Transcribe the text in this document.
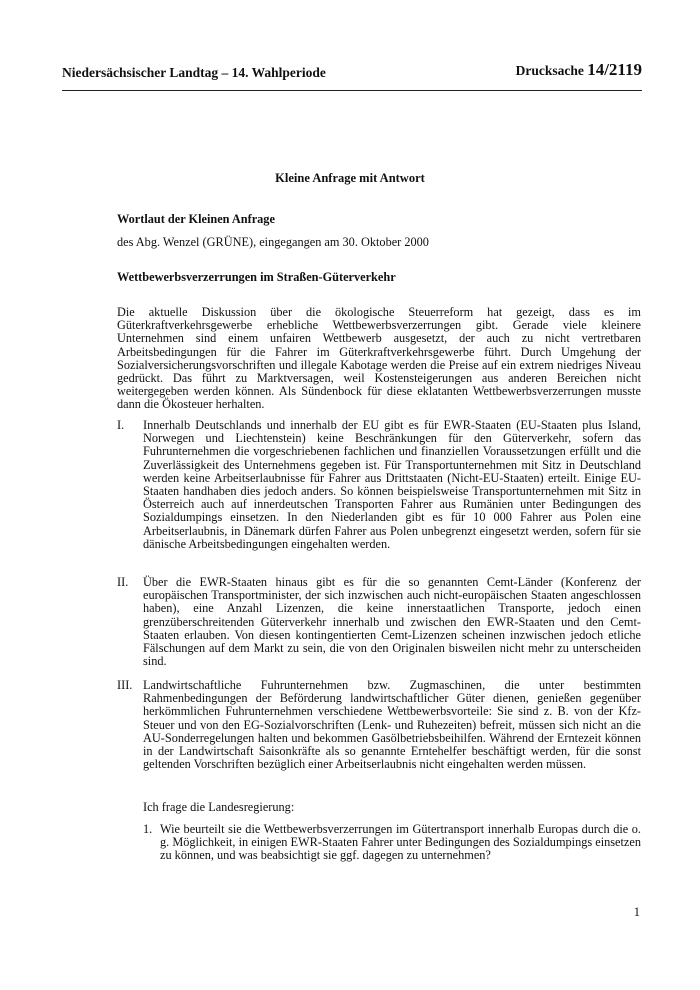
Niedersächsischer Landtag – 14. Wahlperiode	Drucksache 14/2119
Kleine Anfrage mit Antwort
Wortlaut der Kleinen Anfrage
des Abg. Wenzel (GRÜNE), eingegangen am 30. Oktober 2000
Wettbewerbsverzerrungen im Straßen-Güterverkehr
Die aktuelle Diskussion über die ökologische Steuerreform hat gezeigt, dass es im Güterkraftverkehrsgewerbe erhebliche Wettbewerbsverzerrungen gibt. Gerade viele kleinere Unternehmen sind einem unfairen Wettbewerb ausgesetzt, der auch zu nicht vertretbaren Arbeitsbedingungen für die Fahrer im Güterkraftverkehrsgewerbe führt. Durch Umgehung der Sozialversicherungsvorschriften und illegale Kabotage werden die Preise auf ein extrem niedriges Niveau gedrückt. Das führt zu Marktversagen, weil Kostensteigerungen aus anderen Bereichen nicht weitergegeben werden können. Als Sündenbock für diese eklatanten Wettbewerbsverzerrungen musste dann die Ökosteuer herhalten.
I. Innerhalb Deutschlands und innerhalb der EU gibt es für EWR-Staaten (EU-Staaten plus Island, Norwegen und Liechtenstein) keine Beschränkungen für den Güterverkehr, sofern das Fuhrunternehmen die vorgeschriebenen fachlichen und finanziellen Voraussetzungen erfüllt und die Zuverlässigkeit des Unternehmens gegeben ist. Für Transportunternehmen mit Sitz in Deutschland werden keine Arbeitserlaubnisse für Fahrer aus Drittstaaten (Nicht-EU-Staaten) erteilt. Einige EU-Staaten handhaben dies jedoch anders. So können beispielsweise Transportunternehmen mit Sitz in Österreich auch auf innerdeutschen Transporten Fahrer aus Rumänien unter Bedingungen des Sozialdumpings einsetzen. In den Niederlanden gibt es für 10 000 Fahrer aus Polen eine Arbeitserlaubnis, in Dänemark dürfen Fahrer aus Polen unbegrenzt eingesetzt werden, sofern für sie dänische Arbeitsbedingungen eingehalten werden.
II. Über die EWR-Staaten hinaus gibt es für die so genannten Cemt-Länder (Konferenz der europäischen Transportminister, der sich inzwischen auch nicht-europäischen Staaten angeschlossen haben), eine Anzahl Lizenzen, die keine innerstaatlichen Transporte, jedoch einen grenzüberschreitenden Güterverkehr innerhalb und zwischen den EWR-Staaten und den Cemt-Staaten erlauben. Von diesen kontingentierten Cemt-Lizenzen scheinen inzwischen jedoch etliche Fälschungen auf dem Markt zu sein, die von den Originalen bisweilen nicht mehr zu unterscheiden sind.
III. Landwirtschaftliche Fuhrunternehmen bzw. Zugmaschinen, die unter bestimmten Rahmenbedingungen der Beförderung landwirtschaftlicher Güter dienen, genießen gegenüber herkömmlichen Fuhrunternehmen verschiedene Wettbewerbsvorteile: Sie sind z. B. von der Kfz-Steuer und von den EG-Sozialvorschriften (Lenk- und Ruhezeiten) befreit, müssen sich nicht an die AU-Sonderregelungen halten und bekommen Gasölbetriebsbeihilfen. Während der Erntezeit können in der Landwirtschaft Saisonkräfte als so genannte Erntehelfer beschäftigt werden, für die sonst geltenden Vorschriften bezüglich einer Arbeitserlaubnis nicht eingehalten werden müssen.
Ich frage die Landesregierung:
1. Wie beurteilt sie die Wettbewerbsverzerrungen im Gütertransport innerhalb Europas durch die o. g. Möglichkeit, in einigen EWR-Staaten Fahrer unter Bedingungen des Sozialdumpings einsetzen zu können, und was beabsichtigt sie ggf. dagegen zu unternehmen?
1
